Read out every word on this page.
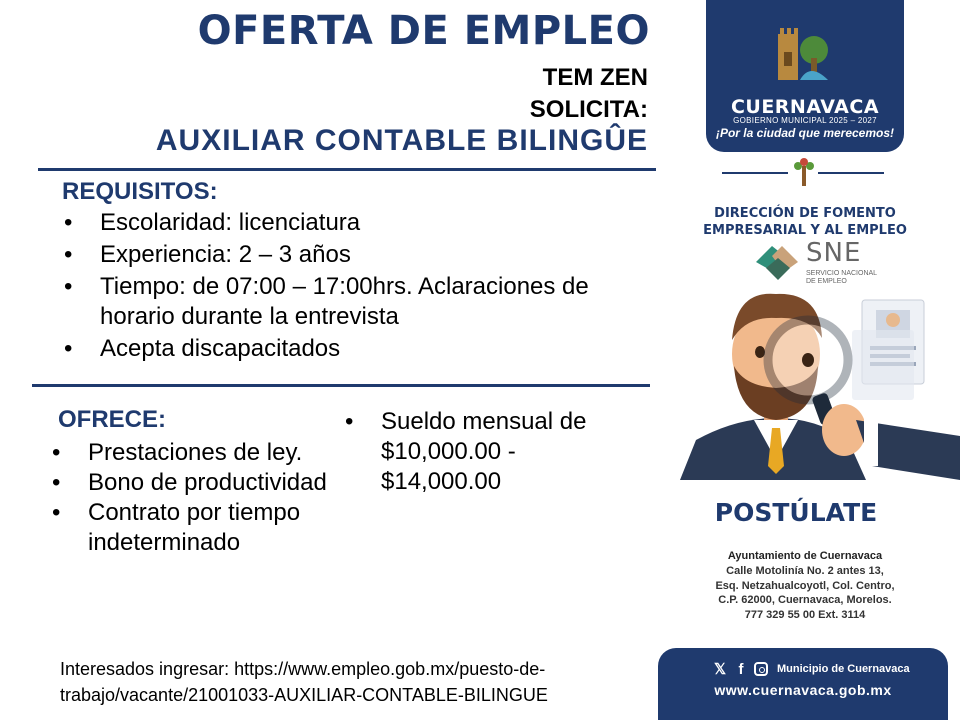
OFERTA DE EMPLEO
TEM ZEN
SOLICITA:
AUXILIAR CONTABLE BILINGÛE
REQUISITOS:
• Escolaridad: licenciatura
• Experiencia: 2 – 3 años
• Tiempo: de 07:00 – 17:00hrs. Aclaraciones de horario durante la entrevista
• Acepta discapacitados
OFRECE:
• Prestaciones de ley.
• Bono de productividad
• Contrato por tiempo indeterminado
• Sueldo mensual de $10,000.00 - $14,000.00
Interesados ingresar: https://www.empleo.gob.mx/puesto-de-trabajo/vacante/21001033-AUXILIAR-CONTABLE-BILINGUE
CUERNAVACA
GOBIERNO MUNICIPAL 2025 – 2027
¡Por la ciudad que merecemos!
DIRECCIÓN DE FOMENTO EMPRESARIAL Y AL EMPLEO
SNE
SERVICIO NACIONAL
DE EMPLEO
POSTÚLATE
Ayuntamiento de Cuernavaca
Calle Motolinía No. 2 antes 13,
Esq. Netzahualcoyotl, Col. Centro,
C.P. 62000, Cuernavaca, Morelos.
777 329 55 00 Ext. 3114
𝕏 f	Municipio de Cuernavaca
www.cuernavaca.gob.mx
